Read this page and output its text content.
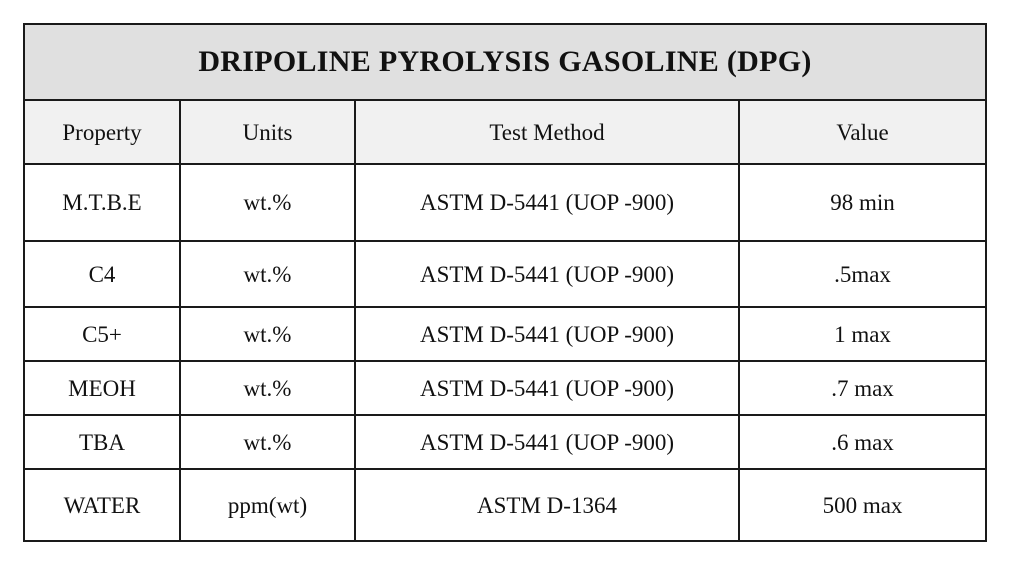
DRIPOLINE PYROLYSIS GASOLINE (DPG)			
Property	Units	Test Method	Value
M.T.B.E	wt.%	ASTM D-5441 (UOP -900)	98 min
C4	wt.%	ASTM D-5441 (UOP -900)	.5max
C5+	wt.%	ASTM D-5441 (UOP -900)	1 max
MEOH	wt.%	ASTM D-5441 (UOP -900)	.7 max
TBA	wt.%	ASTM D-5441 (UOP -900)	.6 max
WATER	ppm(wt)	ASTM D-1364	500 max
